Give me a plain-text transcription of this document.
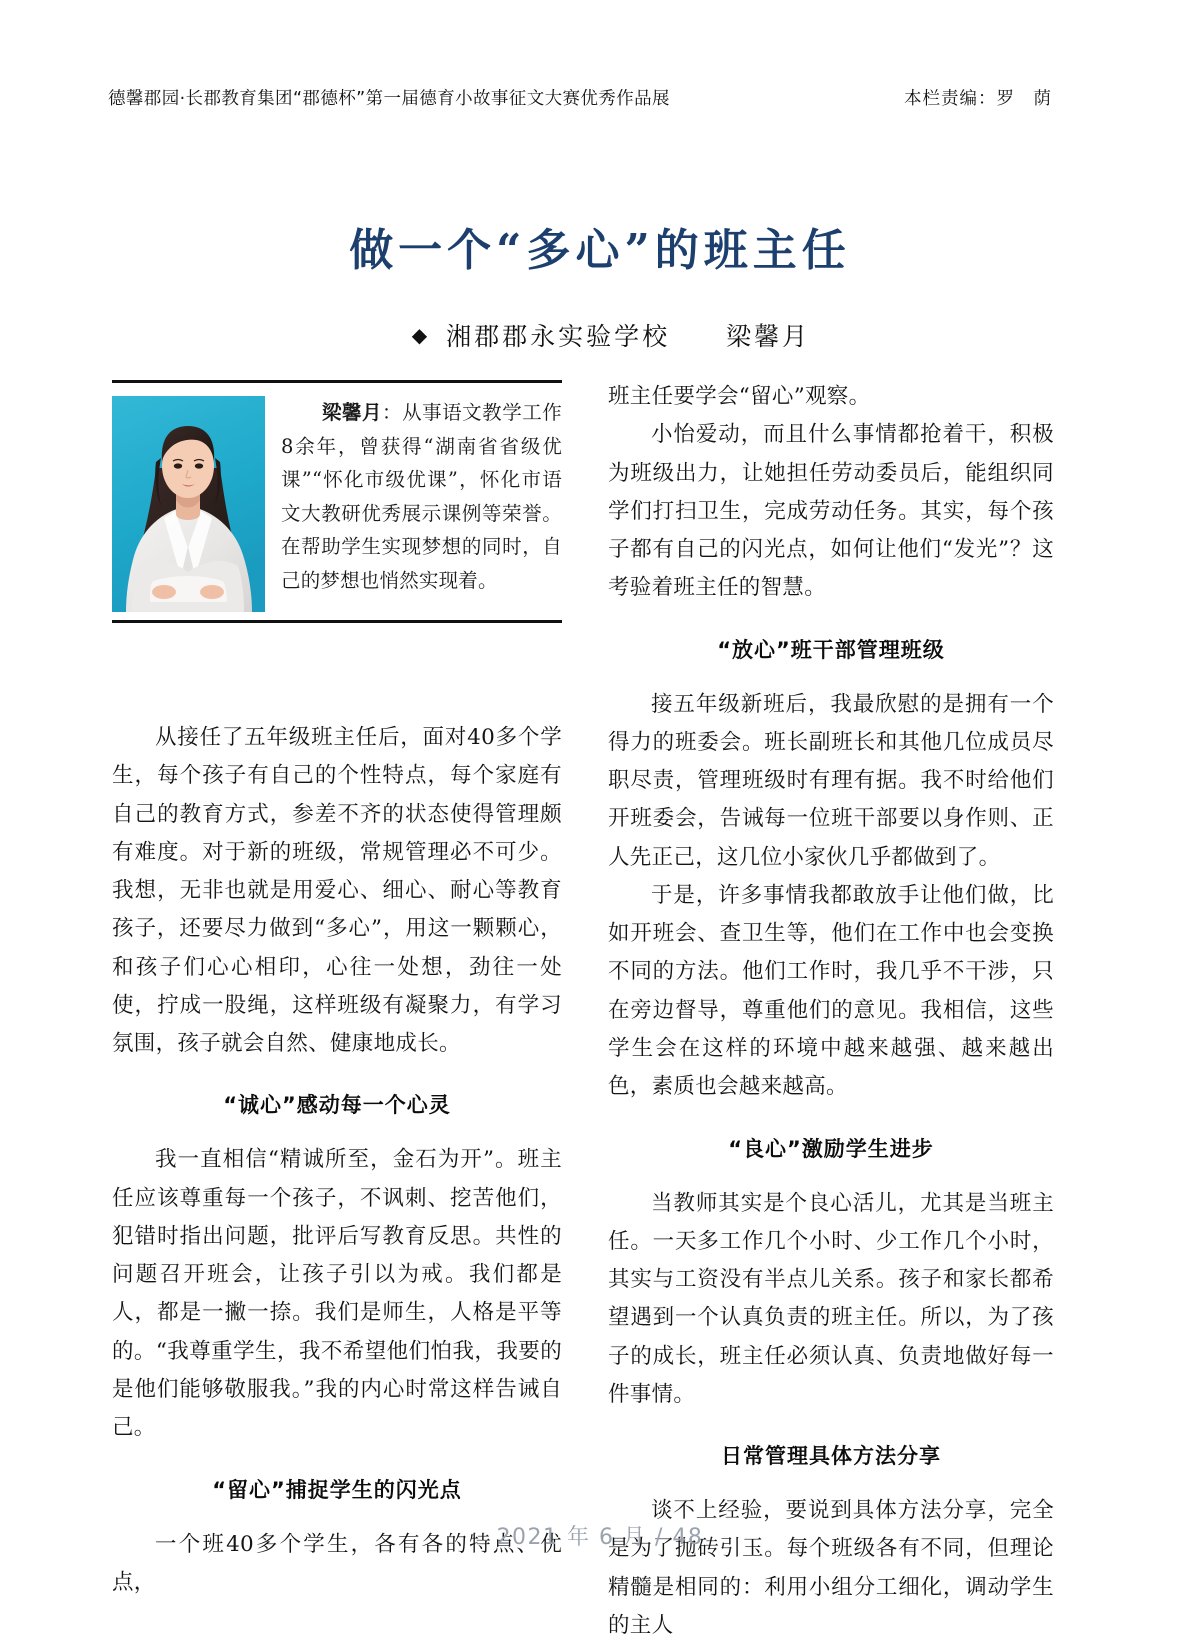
德馨郡园·长郡教育集团“郡德杯”第一届德育小故事征文大赛优秀作品展	本栏责编：罗　荫
做一个“多心”的班主任

◆ 湘郡郡永实验学校　　梁馨月

梁馨月：从事语文教学工作8余年，曾获得“湖南省省级优课”“怀化市级优课”，怀化市语文大教研优秀展示课例等荣誉。在帮助学生实现梦想的同时，自己的梦想也悄然实现着。

从接任了五年级班主任后，面对40多个学生，每个孩子有自己的个性特点，每个家庭有自己的教育方式，参差不齐的状态使得管理颇有难度。对于新的班级，常规管理必不可少。我想，无非也就是用爱心、细心、耐心等教育孩子，还要尽力做到“多心”，用这一颗颗心，和孩子们心心相印，心往一处想，劲往一处使，拧成一股绳，这样班级有凝聚力，有学习氛围，孩子就会自然、健康地成长。

“诚心”感动每一个心灵

我一直相信“精诚所至，金石为开”。班主任应该尊重每一个孩子，不讽刺、挖苦他们，犯错时指出问题，批评后写教育反思。共性的问题召开班会，让孩子引以为戒。我们都是人，都是一撇一捺。我们是师生，人格是平等的。“我尊重学生，我不希望他们怕我，我要的是他们能够敬服我。”我的内心时常这样告诫自己。

“留心”捕捉学生的闪光点

一个班40多个学生，各有各的特点、优点，

班主任要学会“留心”观察。

小怡爱动，而且什么事情都抢着干，积极为班级出力，让她担任劳动委员后，能组织同学们打扫卫生，完成劳动任务。其实，每个孩子都有自己的闪光点，如何让他们“发光”？这考验着班主任的智慧。

“放心”班干部管理班级

接五年级新班后，我最欣慰的是拥有一个得力的班委会。班长副班长和其他几位成员尽职尽责，管理班级时有理有据。我不时给他们开班委会，告诫每一位班干部要以身作则、正人先正己，这几位小家伙几乎都做到了。

于是，许多事情我都敢放手让他们做，比如开班会、查卫生等，他们在工作中也会变换不同的方法。他们工作时，我几乎不干涉，只在旁边督导，尊重他们的意见。我相信，这些学生会在这样的环境中越来越强、越来越出色，素质也会越来越高。

“良心”激励学生进步

当教师其实是个良心活儿，尤其是当班主任。一天多工作几个小时、少工作几个小时，其实与工资没有半点儿关系。孩子和家长都希望遇到一个认真负责的班主任。所以，为了孩子的成长，班主任必须认真、负责地做好每一件事情。

日常管理具体方法分享

谈不上经验，要说到具体方法分享，完全是为了抛砖引玉。每个班级各有不同，但理论精髓是相同的：利用小组分工细化，调动学生的主人

2021 年 6 月 / 48
